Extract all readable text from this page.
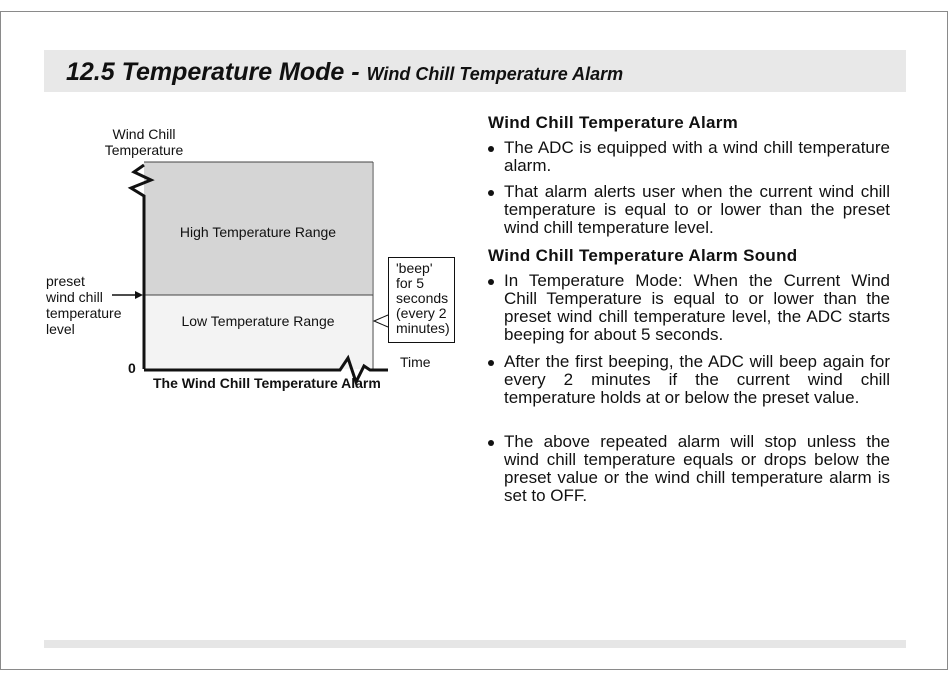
12.5 Temperature Mode - Wind Chill Temperature Alarm
Wind Chill
Temperature
High Temperature Range
Low Temperature Range
preset
wind chill
temperature
level
0	Time
'beep'
for 5
seconds
(every 2
minutes)
The Wind Chill Temperature Alarm
Wind Chill Temperature Alarm
The ADC is equipped with a wind chill temperature alarm.
That alarm alerts user when the current wind chill temperature is equal to or lower than the preset wind chill temperature level.
Wind Chill Temperature Alarm Sound
In Temperature Mode: When the Current Wind Chill Temperature is equal to or lower than the preset wind chill temperature level, the ADC starts beeping for about 5 seconds.
After the first beeping, the ADC will beep again for every 2 minutes if the current wind chill temperature holds at or below the preset value.
The above repeated alarm will stop unless the wind chill temperature equals or drops below the preset value or the wind chill temperature alarm is set to OFF.
